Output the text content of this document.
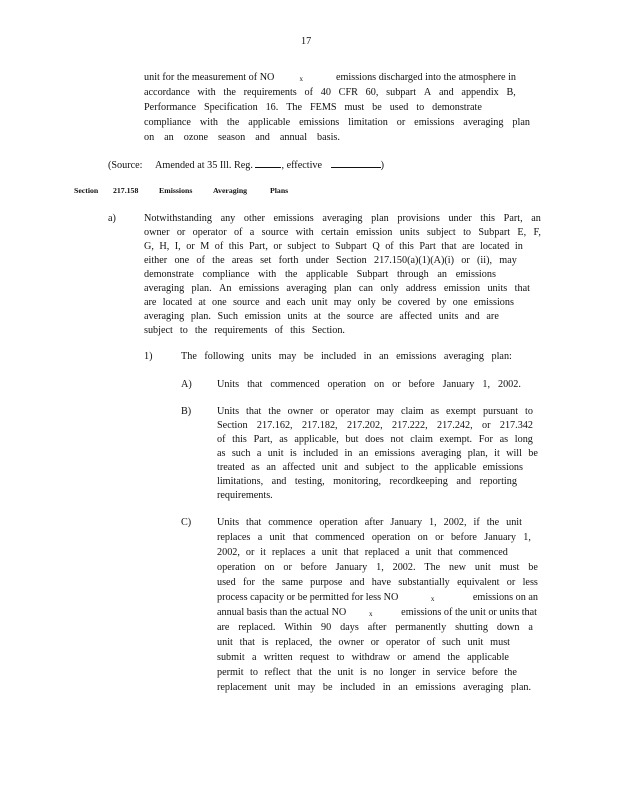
17
unit for the measurement of NO	x	emissions discharged into the atmosphere in
accordance with the requirements of 40 CFR 60, subpart A and appendix B,
Performance Specification 16. The FEMS must be used to demonstrate
compliance with the applicable emissions limitation or emissions averaging plan
on an ozone season and annual basis.
(Source: Amended at 35 Ill. Reg.	, effective	)
Section 217.158	Emissions	Averaging	Plans
a)	Notwithstanding any other emissions averaging plan provisions under this Part, an
owner or operator of a source with certain emission units subject to Subpart E, F,
G, H, I, or M of this Part, or subject to Subpart Q of this Part that are located in
either one of the areas set forth under Section 217.150(a)(1)(A)(i) or (ii), may
demonstrate compliance with the applicable Subpart through an emissions
averaging plan. An emissions averaging plan can only address emission units that
are located at one source and each unit may only be covered by one emissions
averaging plan. Such emission units at the source are affected units and are
subject to the requirements of this Section.
1)	The following units may be included in an emissions averaging plan:
A) Units that commenced operation on or before January 1, 2002.
B)	Units that the owner or operator may claim as exempt pursuant to
Section 217.162, 217.182, 217.202, 217.222, 217.242, or 217.342
of this Part, as applicable, but does not claim exempt. For as long
as such a unit is included in an emissions averaging plan, it will be
treated as an affected unit and subject to the applicable emissions
limitations, and testing, monitoring, recordkeeping and reporting
requirements.
C)	Units that commence operation after January 1, 2002, if the unit
replaces a unit that commenced operation on or before January 1,
2002, or it replaces a unit that replaced a unit that commenced
operation on or before January 1, 2002. The new unit must be
used for the same purpose and have substantially equivalent or less
process capacity or be permitted for less NO	x	emissions on an
annual basis than the actual NO	x	emissions of the unit or units that
are replaced. Within 90 days after permanently shutting down a
unit that is replaced, the owner or operator of such unit must
submit a written request to withdraw or amend the applicable
permit to reflect that the unit is no longer in service before the
replacement unit may be included in an emissions averaging plan.
